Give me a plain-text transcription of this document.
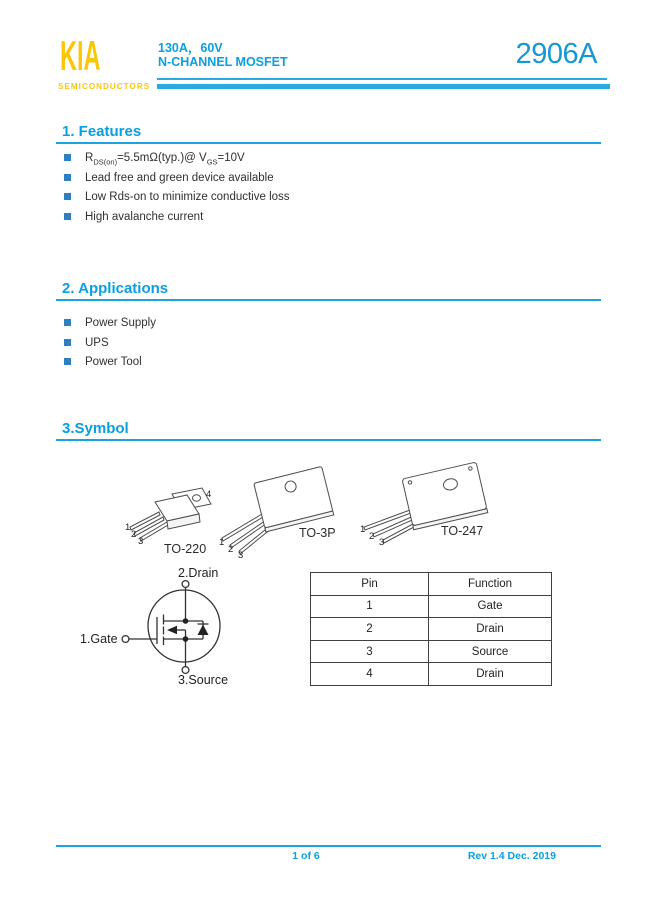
KIA
SEMICONDUCTORS
130A，60V
N-CHANNEL MOSFET	2906A
1. Features
$R_{DS(on)}=5.5m\Omega(typ.)@$ $V_{GS}=10V$
Lead free and green device available
Low Rds-on to minimize conductive loss
High avalanche current
2. Applications
Power Supply
UPS
Power Tool
3.Symbol
4
1
2
3
TO-220 1
2
3
TO-3P	1
2
3
TO-247
2.Drain
1.Gate
3.Source
Pin	Function
1	Gate
2	Drain
3	Source
4	Drain
1 of 6	Rev 1.4 Dec. 2019
